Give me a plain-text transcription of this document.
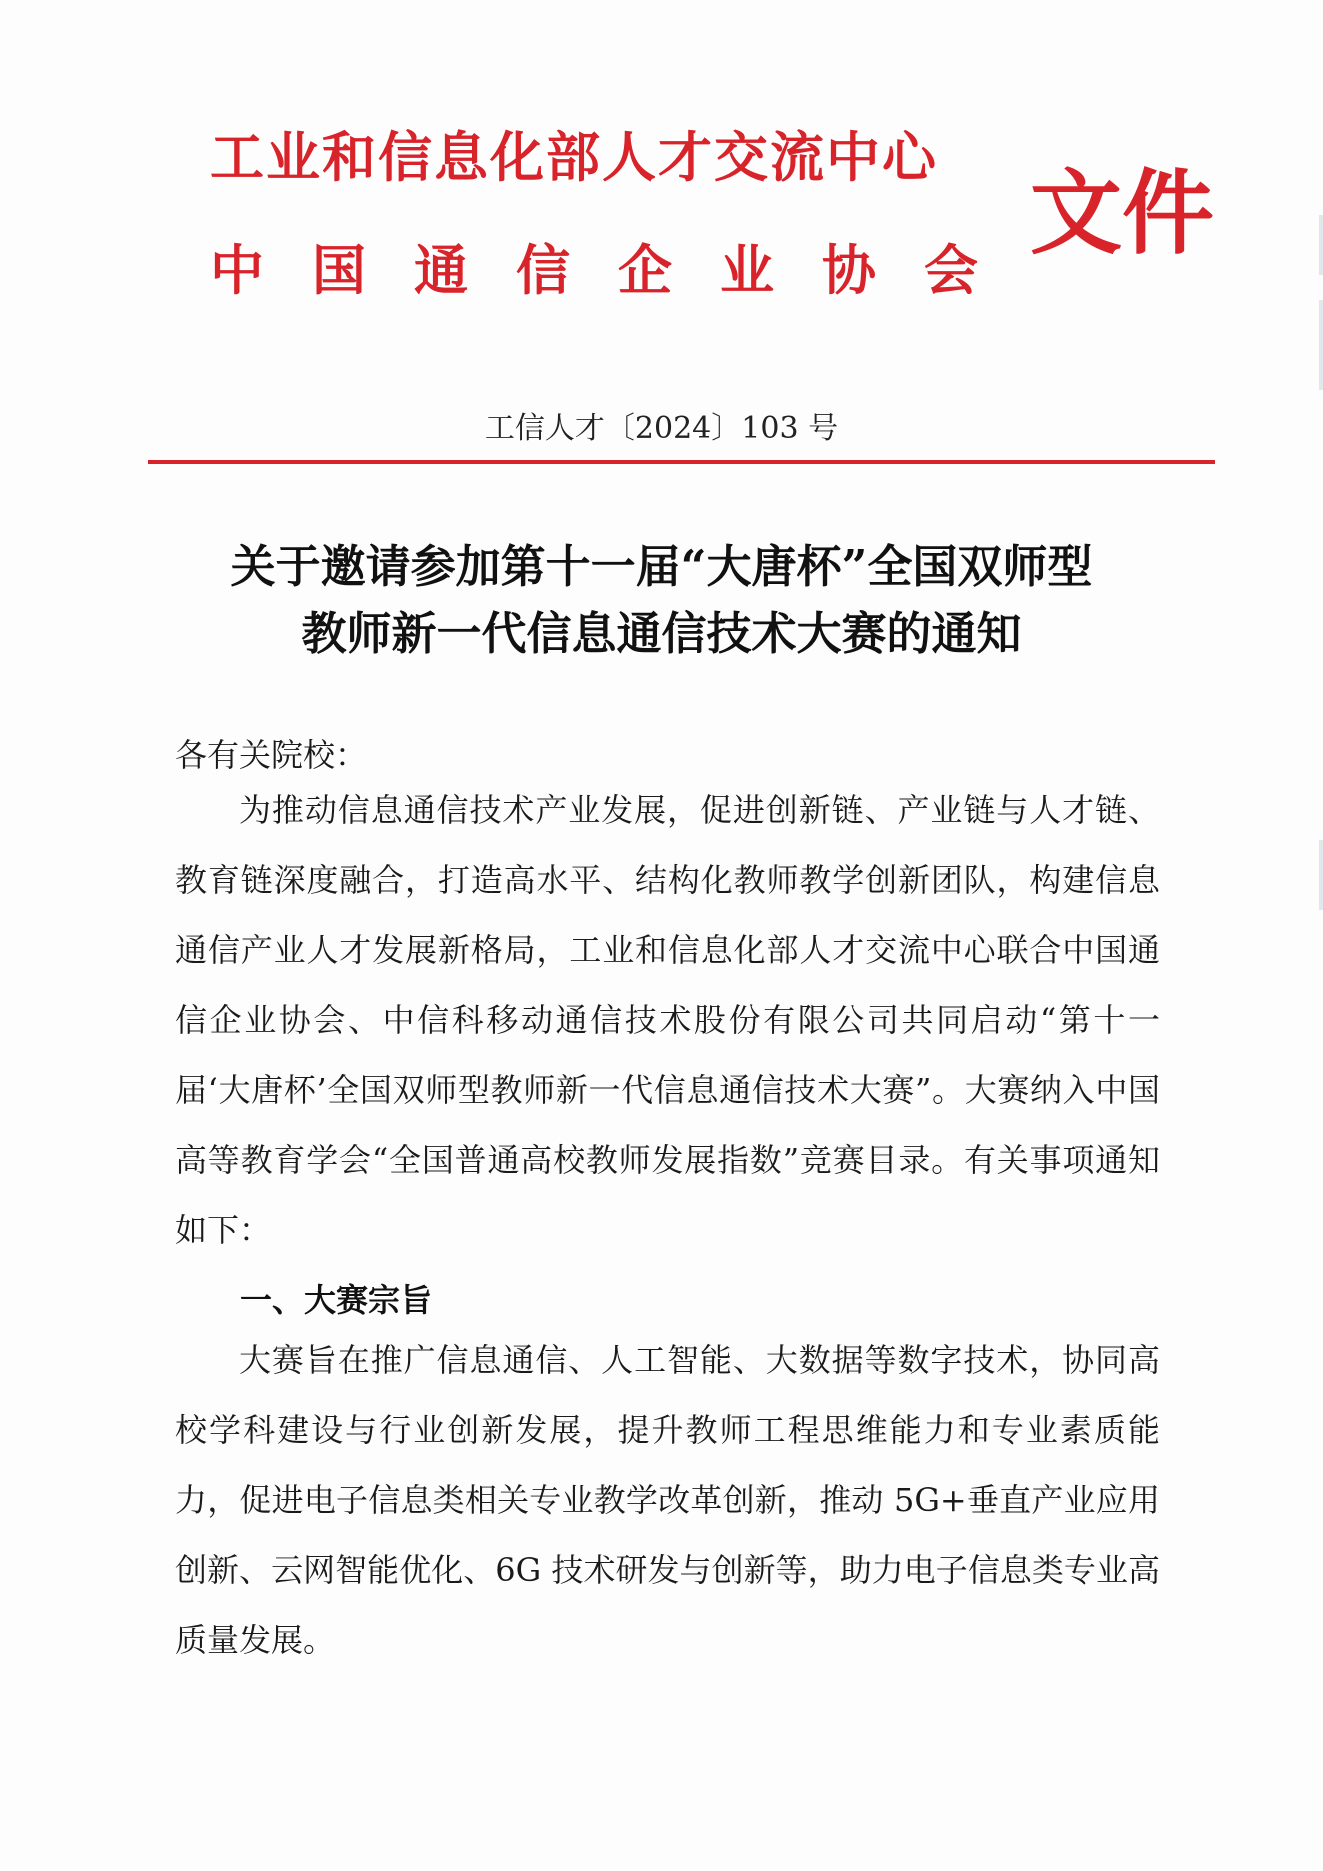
工业和信息化部人才交流中心
中国通信企业协会
文件
工信人才〔2024〕103 号
关于邀请参加第十一届“大唐杯”全国双师型
教师新一代信息通信技术大赛的通知
各有关院校：
为推动信息通信技术产业发展，促进创新链、产业链与人才链、教育链深度融合，打造高水平、结构化教师教学创新团队，构建信息通信产业人才发展新格局，工业和信息化部人才交流中心联合中国通信企业协会、中信科移动通信技术股份有限公司共同启动“第十一届‘大唐杯’全国双师型教师新一代信息通信技术大赛”。大赛纳入中国高等教育学会“全国普通高校教师发展指数”竞赛目录。有关事项通知如下：
一、大赛宗旨
大赛旨在推广信息通信、人工智能、大数据等数字技术，协同高校学科建设与行业创新发展，提升教师工程思维能力和专业素质能力，促进电子信息类相关专业教学改革创新，推动 5G+垂直产业应用创新、云网智能优化、6G 技术研发与创新等，助力电子信息类专业高质量发展。
